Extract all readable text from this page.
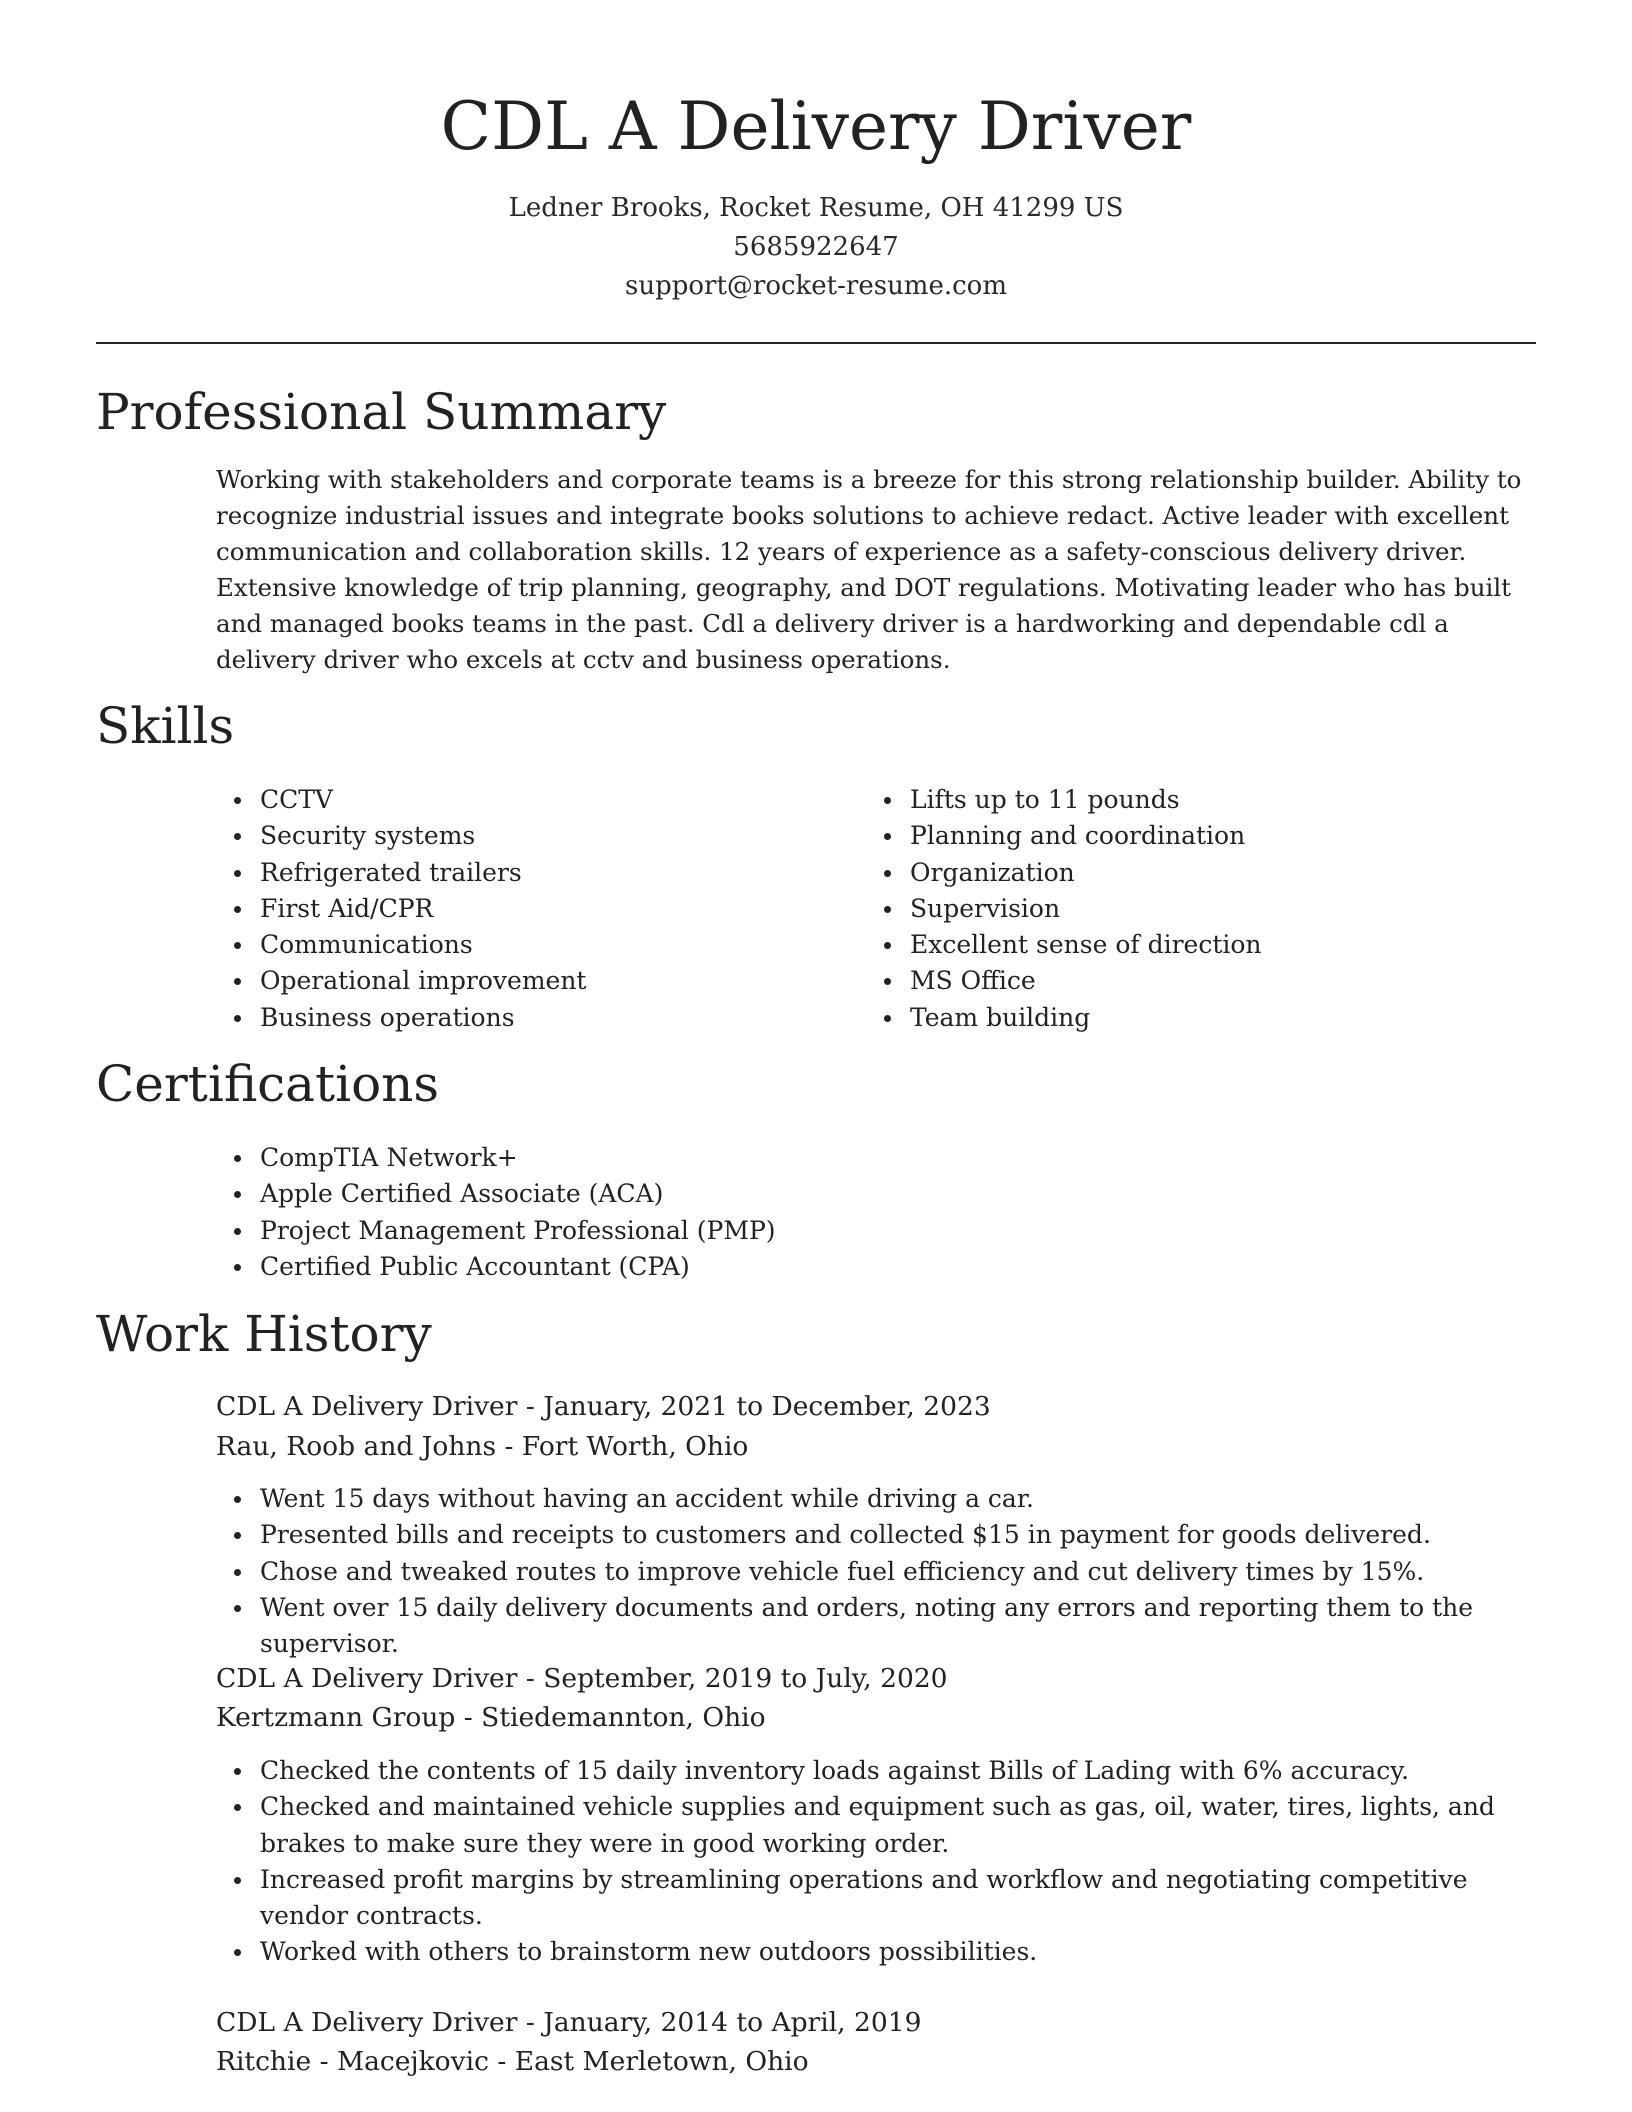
CDL A Delivery Driver
Ledner Brooks, Rocket Resume, OH 41299 US
5685922647
support@rocket-resume.com
Professional Summary
Working with stakeholders and corporate teams is a breeze for this strong relationship builder. Ability to recognize industrial issues and integrate books solutions to achieve redact. Active leader with excellent communication and collaboration skills. 12 years of experience as a safety-conscious delivery driver. Extensive knowledge of trip planning, geography, and DOT regulations. Motivating leader who has built and managed books teams in the past. Cdl a delivery driver is a hardworking and dependable cdl a delivery driver who excels at cctv and business operations.
Skills
CCTV
Security systems
Refrigerated trailers
First Aid/CPR
Communications
Operational improvement
Business operations
Lifts up to 11 pounds
Planning and coordination
Organization
Supervision
Excellent sense of direction
MS Office
Team building
Certifications
CompTIA Network+
Apple Certified Associate (ACA)
Project Management Professional (PMP)
Certified Public Accountant (CPA)
Work History
CDL A Delivery Driver - January, 2021 to December, 2023
Rau, Roob and Johns - Fort Worth, Ohio
Went 15 days without having an accident while driving a car.
Presented bills and receipts to customers and collected $15 in payment for goods delivered.
Chose and tweaked routes to improve vehicle fuel efficiency and cut delivery times by 15%.
Went over 15 daily delivery documents and orders, noting any errors and reporting them to the supervisor.
CDL A Delivery Driver - September, 2019 to July, 2020
Kertzmann Group - Stiedemannton, Ohio
Checked the contents of 15 daily inventory loads against Bills of Lading with 6% accuracy.
Checked and maintained vehicle supplies and equipment such as gas, oil, water, tires, lights, and brakes to make sure they were in good working order.
Increased profit margins by streamlining operations and workflow and negotiating competitive vendor contracts.
Worked with others to brainstorm new outdoors possibilities.
CDL A Delivery Driver - January, 2014 to April, 2019
Ritchie - Macejkovic - East Merletown, Ohio
